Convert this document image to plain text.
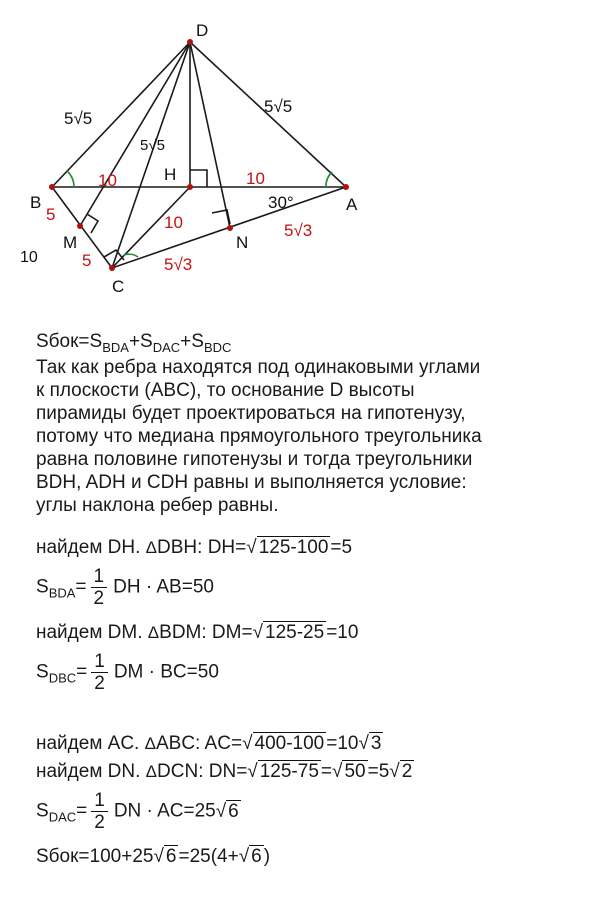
D
B	A
C
H
M	N
5√5
5√5
5√5
10	10
10
5
5
5√3
5√3
10
30°
$Sбок=S_{BDA}+S_{DAC}+S_{BDC}$
Так как ребра находятся под одинаковыми углами
к плоскости (ABC), то основание D высоты
пирамиды будет проектироваться на гипотенузу,
потому что медиана прямоугольного треугольника
равна половине гипотенузы и тогда треугольники
BDH, ADH и CDH равны и выполняется условие:
углы наклона ребер равны.
найдем DH. ΔDBH: DH=√ 125-100 =5
$S_{BDA}= \frac{1}{2}$ DH · AB=50
найдем DM. ΔBDM: DM=√ 125-25 =10
$S_{DBC}= \frac{1}{2}$ DM · BC=50
найдем AC. ΔABC: AC=√ 400-100 =10√ 3
найдем DN. ΔDCN: DN=√ 125-75 =√ 50 =5√ 2
$S_{DAC}= \frac{1}{2}$ DN · AC=25√ 6
Sбок=100+25√ 6 =25(4+√ 6 )
